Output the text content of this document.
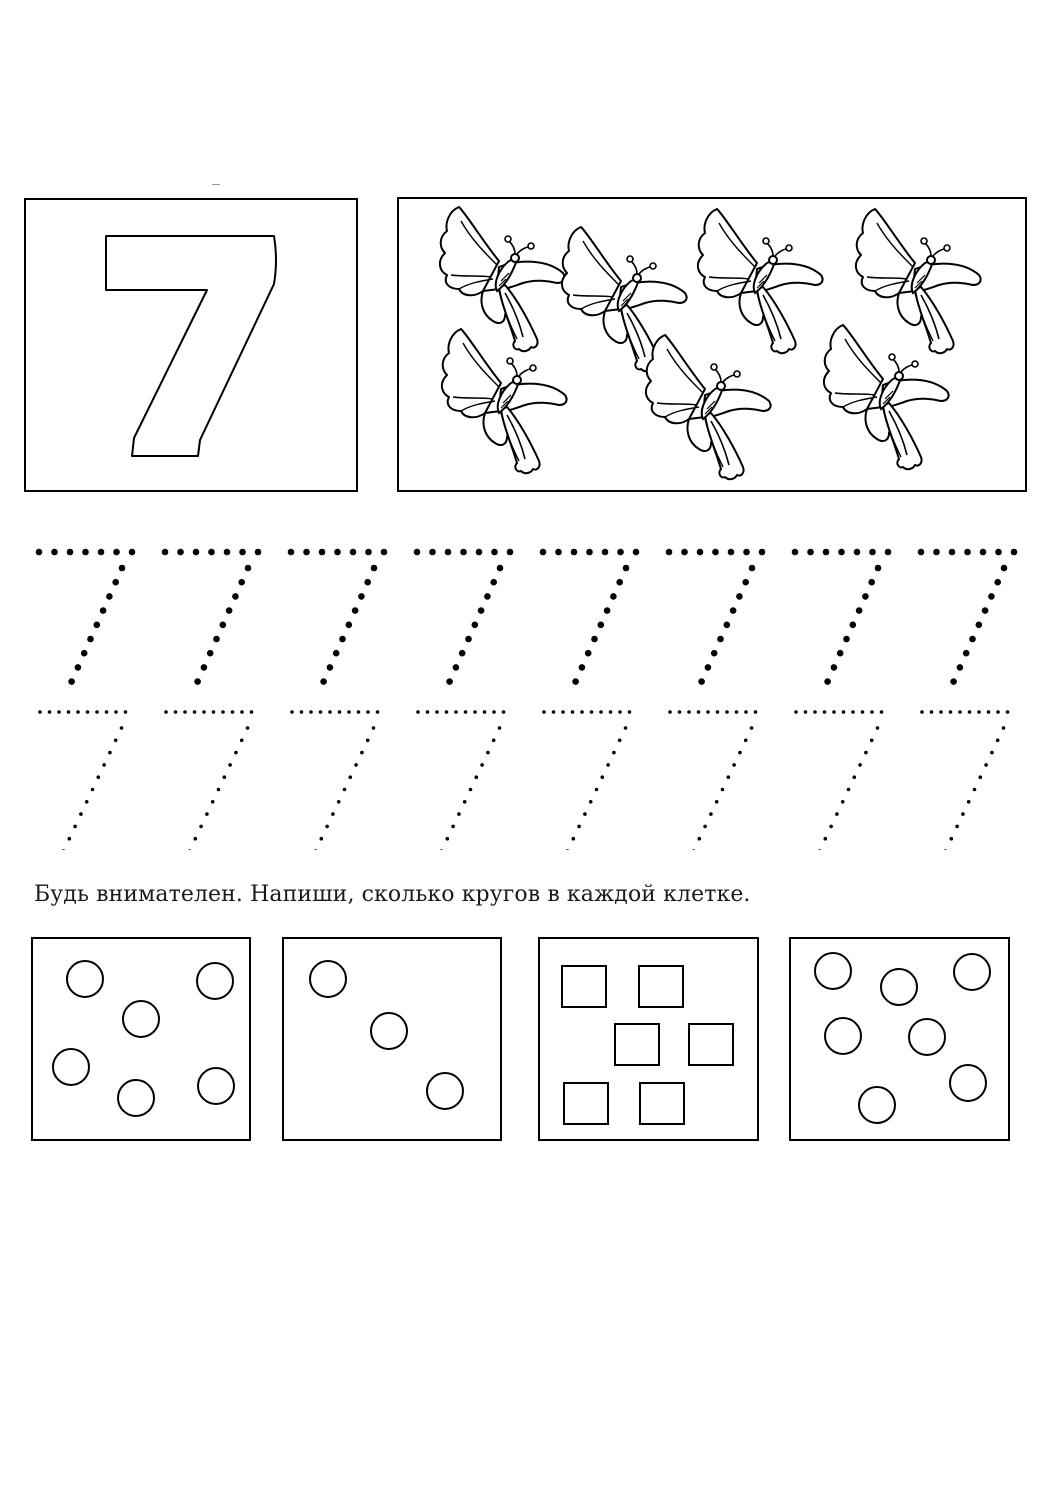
Будь внимателен. Напиши, сколько кругов в каждой клетке.
